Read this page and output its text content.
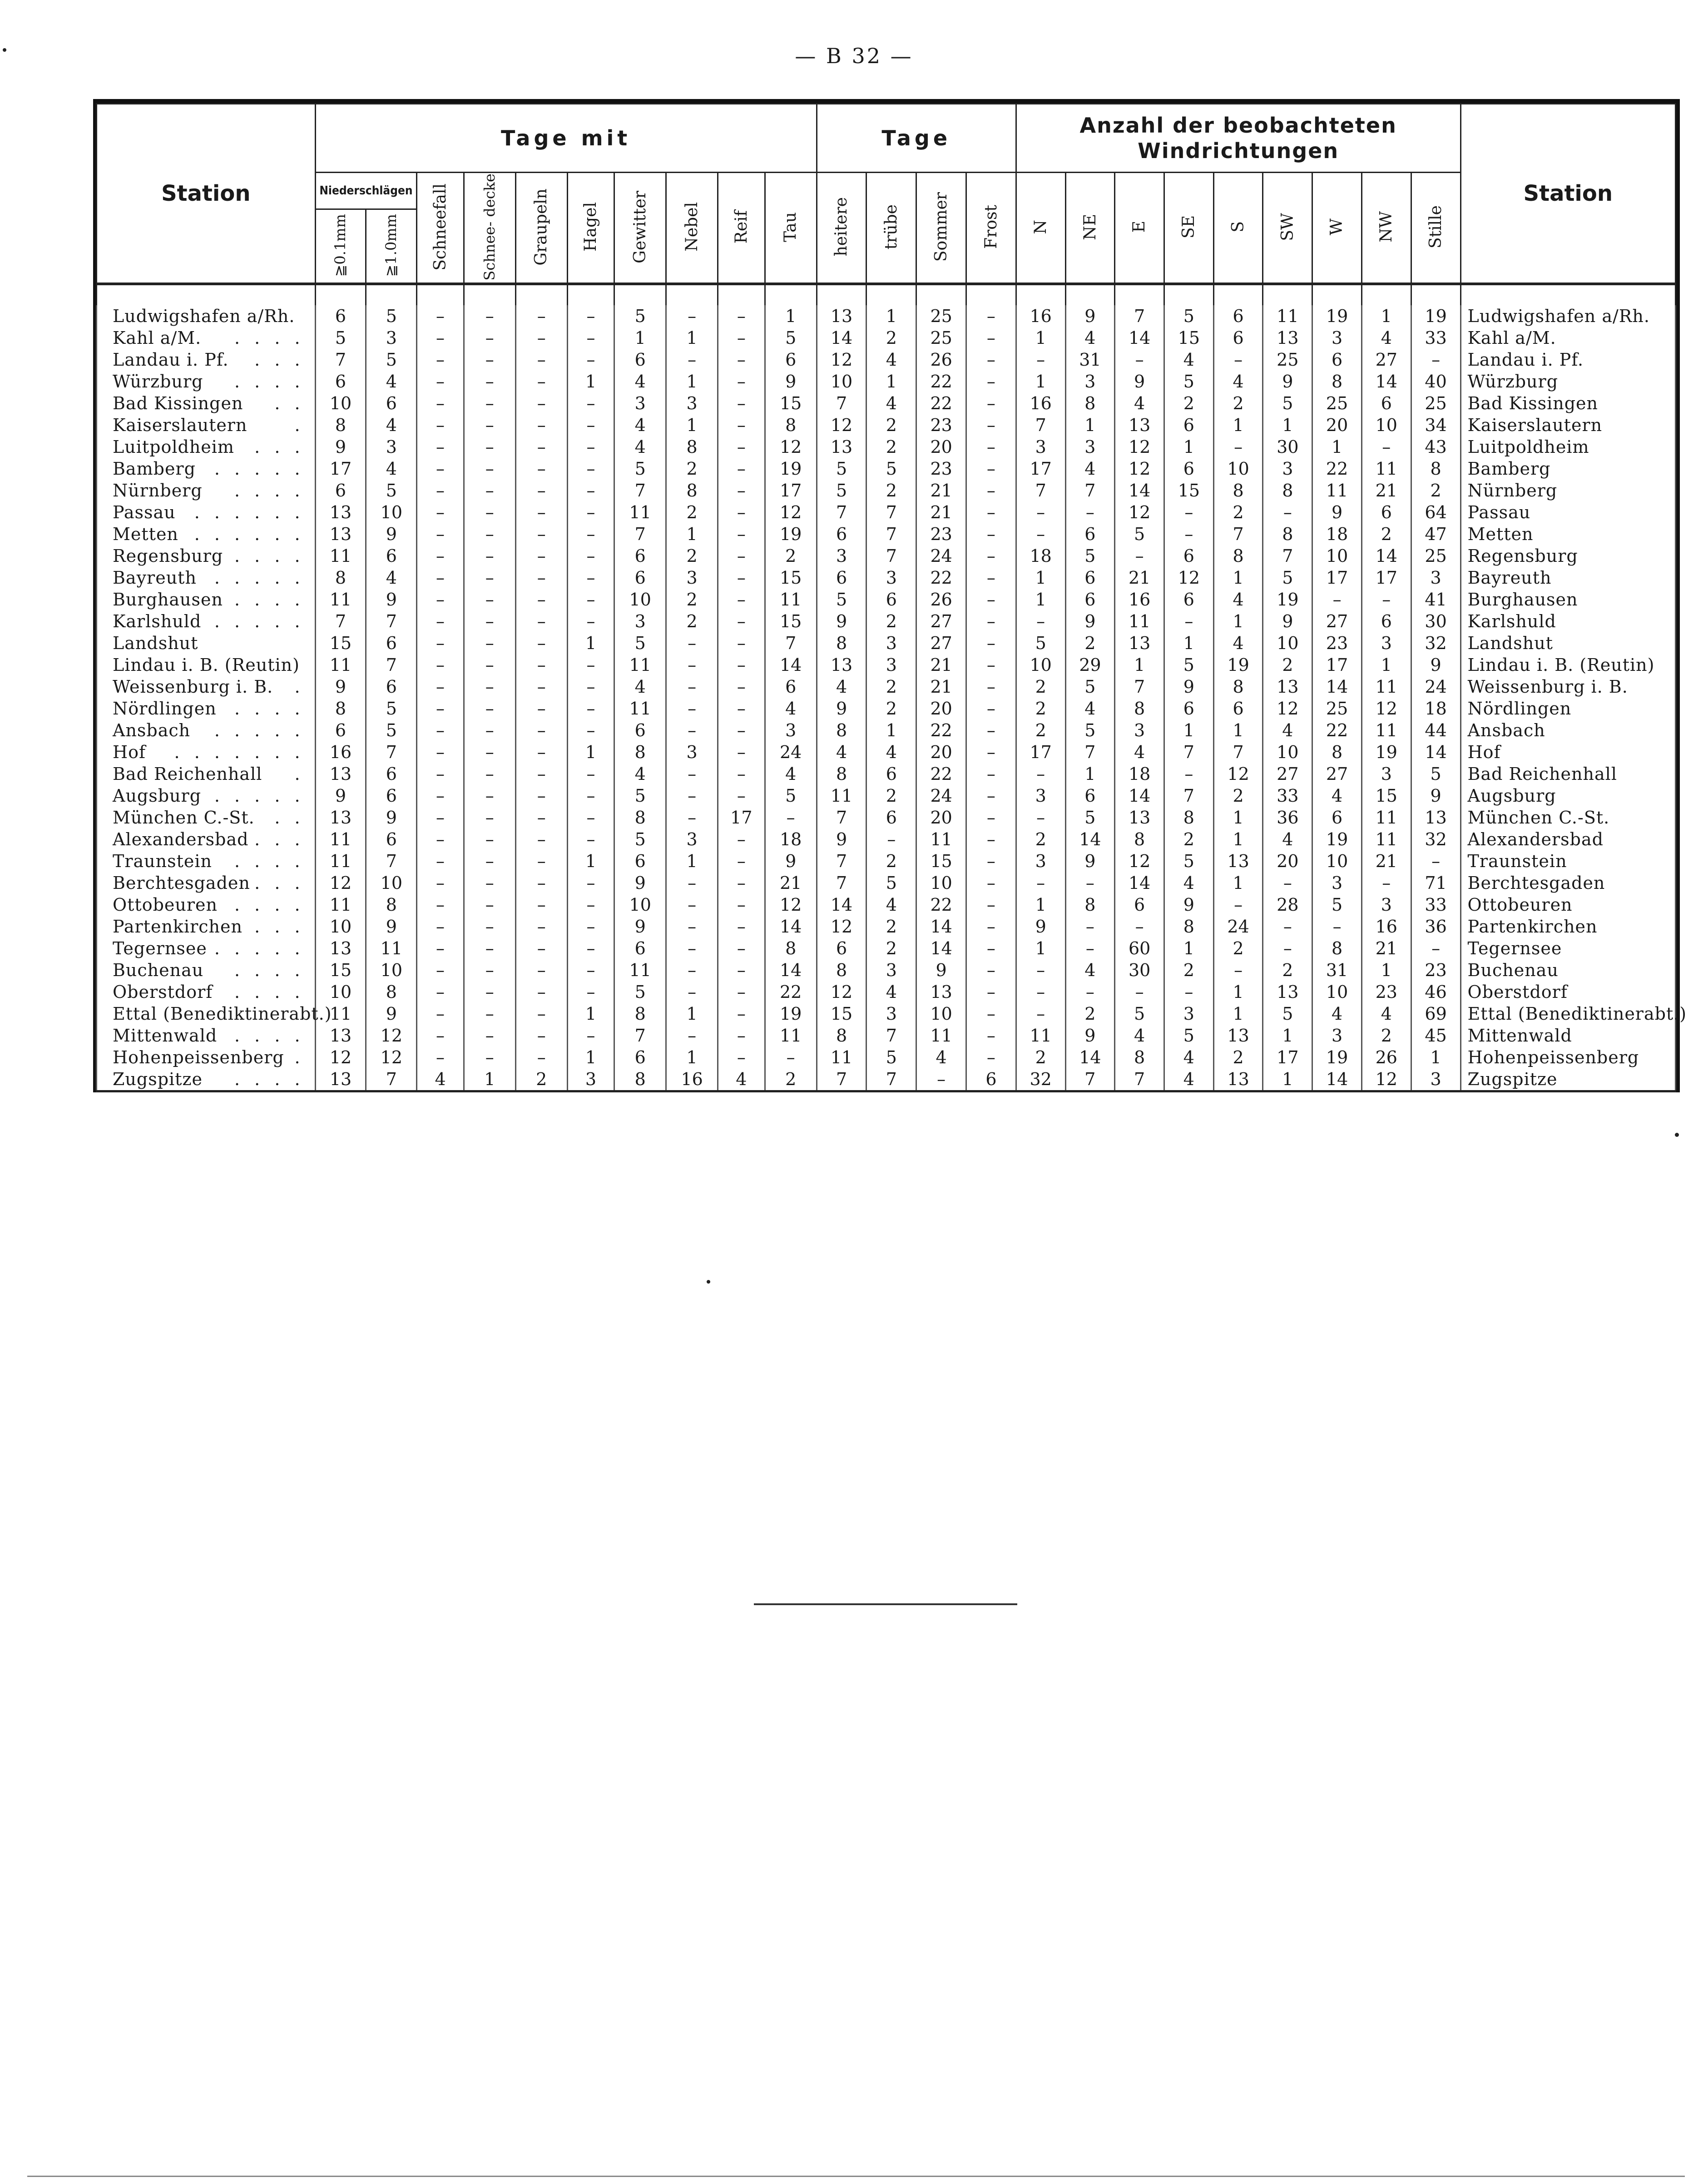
— B 32 —
Station	Tage mit										Tage				Anzahl der beobachteten Windrichtungen									Station
	Niederschlägen		Schneefall	Schnee- decke	Graupeln	Hagel	Gewitter	Nebel	Reif	Tau	heitere	trübe	Sommer	Frost	N	NE	E	SE	S	SW	W	NW	Stille	
	≧0.1mm	≧1.0mm																						

Ludwigshafen a/Rh.	6	5	–	–	–	–	5	–	–	1	13	1	25	–	16	9	7	5	6	11	19	1	19	Ludwigshafen a/Rh.
Kahl a/M. . . . .	5	3	–	–	–	–	1	1	–	5	14	2	25	–	1	4	14	15	6	13	3	4	33	Kahl a/M.
Landau i. Pf. . . .	7	5	–	–	–	–	6	–	–	6	12	4	26	–	–	31	–	4	–	25	6	27	–	Landau i. Pf.
Würzburg . . . .	6	4	–	–	–	1	4	1	–	9	10	1	22	–	1	3	9	5	4	9	8	14	40	Würzburg
Bad Kissingen . .	10	6	–	–	–	–	3	3	–	15	7	4	22	–	16	8	4	2	2	5	25	6	25	Bad Kissingen
Kaiserslautern .	8	4	–	–	–	–	4	1	–	8	12	2	23	–	7	1	13	6	1	1	20	10	34	Kaiserslautern
Luitpoldheim . . .	9	3	–	–	–	–	4	8	–	12	13	2	20	–	3	3	12	1	–	30	1	–	43	Luitpoldheim
Bamberg . . . . .	17	4	–	–	–	–	5	2	–	19	5	5	23	–	17	4	12	6	10	3	22	11	8	Bamberg
Nürnberg . . . .	6	5	–	–	–	–	7	8	–	17	5	2	21	–	7	7	14	15	8	8	11	21	2	Nürnberg
Passau . . . . . .	13	10	–	–	–	–	11	2	–	12	7	7	21	–	–	–	12	–	2	–	9	6	64	Passau
Metten . . . . . .	13	9	–	–	–	–	7	1	–	19	6	7	23	–	–	6	5	–	7	8	18	2	47	Metten
Regensburg . . . .	11	6	–	–	–	–	6	2	–	2	3	7	24	–	18	5	–	6	8	7	10	14	25	Regensburg
Bayreuth . . . . .	8	4	–	–	–	–	6	3	–	15	6	3	22	–	1	6	21	12	1	5	17	17	3	Bayreuth
Burghausen . . . .	11	9	–	–	–	–	10	2	–	11	5	6	26	–	1	6	16	6	4	19	–	–	41	Burghausen
Karlshuld . . . . .	7	7	–	–	–	–	3	2	–	15	9	2	27	–	–	9	11	–	1	9	27	6	30	Karlshuld
Landshut	15	6	–	–	–	1	5	–	–	7	8	3	27	–	5	2	13	1	4	10	23	3	32	Landshut
Lindau i. B. (Reutin)	11	7	–	–	–	–	11	–	–	14	13	3	21	–	10	29	1	5	19	2	17	1	9	Lindau i. B. (Reutin)
Weissenburg i. B. .	9	6	–	–	–	–	4	–	–	6	4	2	21	–	2	5	7	9	8	13	14	11	24	Weissenburg i. B.
Nördlingen . . . .	8	5	–	–	–	–	11	–	–	4	9	2	20	–	2	4	8	6	6	12	25	12	18	Nördlingen
Ansbach . . . . .	6	5	–	–	–	–	6	–	–	3	8	1	22	–	2	5	3	1	1	4	22	11	44	Ansbach
Hof . . . . . . .	16	7	–	–	–	1	8	3	–	24	4	4	20	–	17	7	4	7	7	10	8	19	14	Hof
Bad Reichenhall .	13	6	–	–	–	–	4	–	–	4	8	6	22	–	–	1	18	–	12	27	27	3	5	Bad Reichenhall
Augsburg . . . . .	9	6	–	–	–	–	5	–	–	5	11	2	24	–	3	6	14	7	2	33	4	15	9	Augsburg
München C.-St. . .	13	9	–	–	–	–	8	–	17	–	7	6	20	–	–	5	13	8	1	36	6	11	13	München C.-St.
Alexandersbad . . .	11	6	–	–	–	–	5	3	–	18	9	–	11	–	2	14	8	2	1	4	19	11	32	Alexandersbad
Traunstein . . . .	11	7	–	–	–	1	6	1	–	9	7	2	15	–	3	9	12	5	13	20	10	21	–	Traunstein
Berchtesgaden . . .	12	10	–	–	–	–	9	–	–	21	7	5	10	–	–	–	14	4	1	–	3	–	71	Berchtesgaden
Ottobeuren . . . .	11	8	–	–	–	–	10	–	–	12	14	4	22	–	1	8	6	9	–	28	5	3	33	Ottobeuren
Partenkirchen . . .	10	9	–	–	–	–	9	–	–	14	12	2	14	–	9	–	–	8	24	–	–	16	36	Partenkirchen
Tegernsee . . . . .	13	11	–	–	–	–	6	–	–	8	6	2	14	–	1	–	60	1	2	–	8	21	–	Tegernsee
Buchenau . . . .	15	10	–	–	–	–	11	–	–	14	8	3	9	–	–	4	30	2	–	2	31	1	23	Buchenau
Oberstdorf . . . .	10	8	–	–	–	–	5	–	–	22	12	4	13	–	–	–	–	–	1	13	10	23	46	Oberstdorf
Ettal (Benediktinerabt.)	11	9	–	–	–	1	8	1	–	19	15	3	10	–	–	2	5	3	1	5	4	4	69	Ettal (Benediktinerabt.)
Mittenwald . . . .	13	12	–	–	–	–	7	–	–	11	8	7	11	–	11	9	4	5	13	1	3	2	45	Mittenwald
Hohenpeissenberg .	12	12	–	–	–	1	6	1	–	–	11	5	4	–	2	14	8	4	2	17	19	26	1	Hohenpeissenberg
Zugspitze . . . .	13	7	4	1	2	3	8	16	4	2	7	7	–	6	32	7	7	4	13	1	14	12	3	Zugspitze
